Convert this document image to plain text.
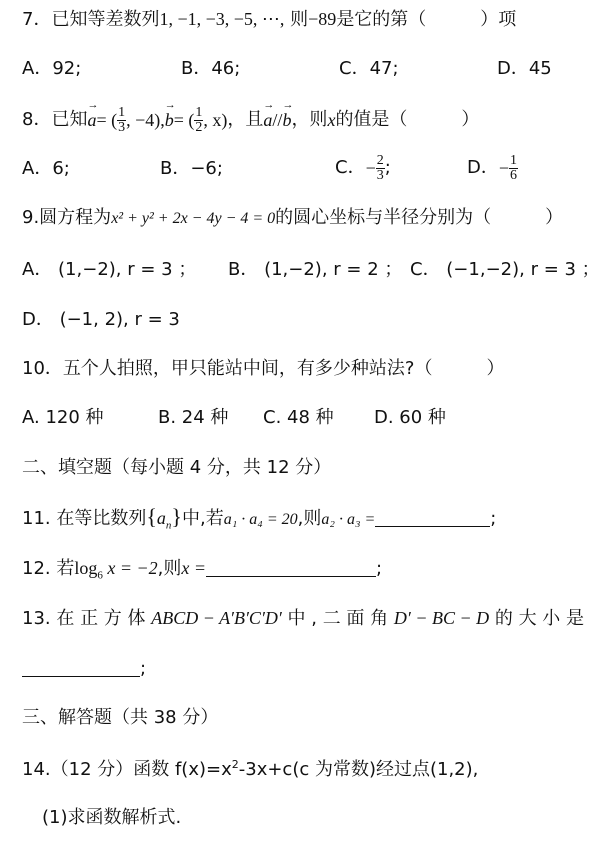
7．已知等差数列1, −1, −3, −5, ⋯, 则−89是它的第（　　　）项
A．92;	B．46;	C．47;	D．45
8．已知 → a = ( $\frac{1}{3}$ , −4), → b = ( $\frac{1}{2}$ , x) ，且 → a // → b ，则 x 的值是（　　　）
A．6;	B．−6;	C． − $\frac{2}{3}$ ;	D． − $\frac{1}{6}$
9.圆方程为x² + y² + 2x − 4y − 4 = 0的圆心坐标与半径分别为（　　　）
A． (1,−2), r = 3 ； B． (1,−2), r = 2 ； C． (−1,−2), r = 3 ；
D． (−1, 2), r = 3
10．五个人拍照，甲只能站中间，有多少种站法?（　　　）
A. 120 种	B. 24 种 C. 48 种 D. 60 种
二、填空题（每小题 4 分，共 12 分）
11. 在等比数列$\{a_n\}$中,若a₁ · a₄ = 20,则a₂ · a₃ =	;
12. 若$\log_6 x = -2$,则x =	;
13. 在 正 方 体 ABCD − A′B′C′D′ 中 , 二 面 角 D′ − BC − D 的 大 小 是
;
三、解答题（共 38 分）
14.（12 分）函数 $f(x)=x^2-3x+c(c$ 为常数)经过点(1,2),
(1)求函数解析式.
